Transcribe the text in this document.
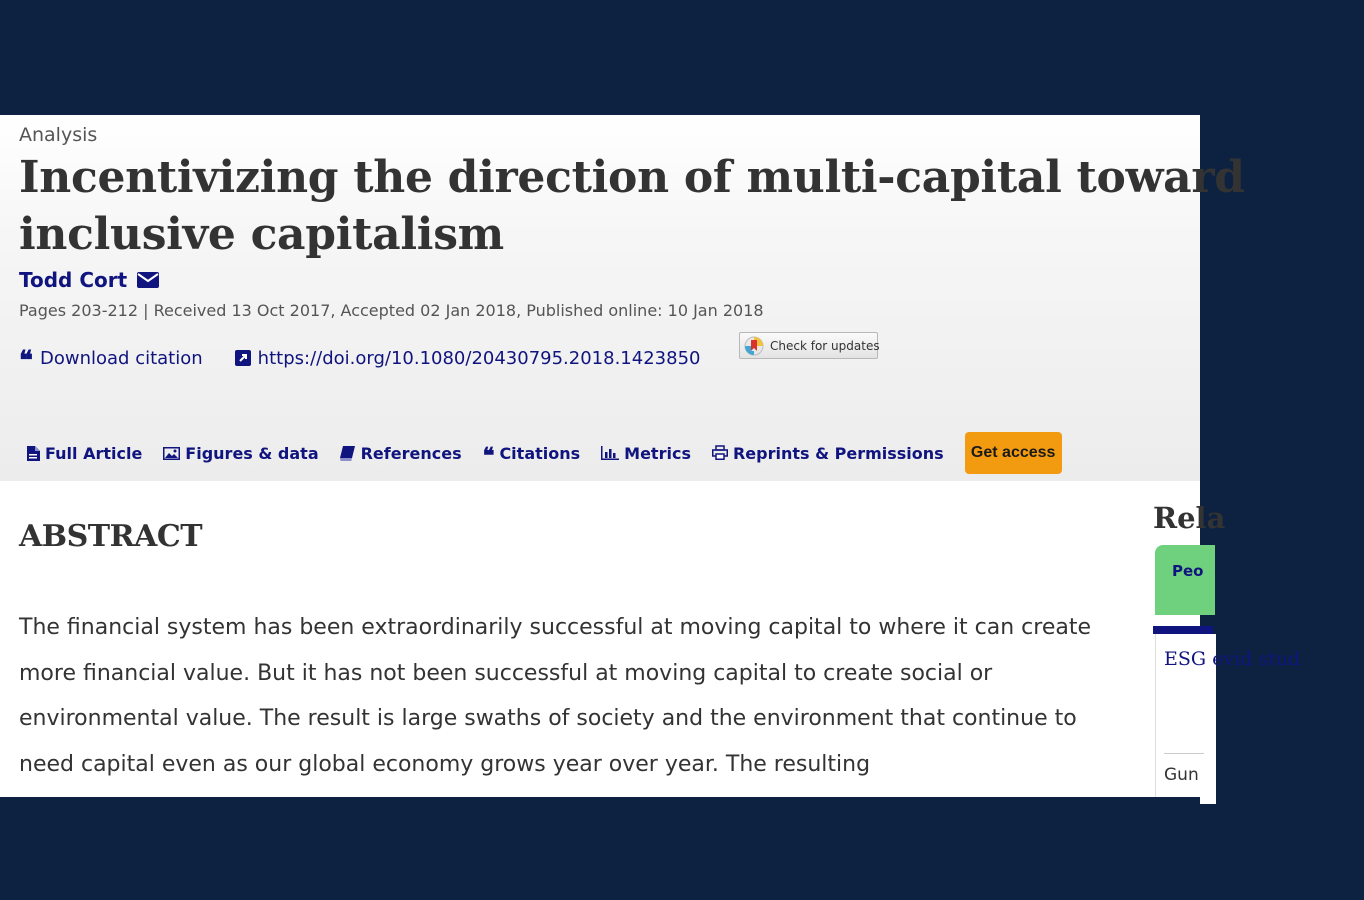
Analysis
Incentivizing the direction of multi-capital toward inclusive capitalism
Todd Cort
Pages 203-212 | Received 13 Oct 2017, Accepted 02 Jan 2018, Published online: 10 Jan 2018
❝ Download citation	https://doi.org/10.1080/20430795.2018.1423850
Check for updates
Full Article	Figures & data	References ❝ Citations	Metrics	Reprints & Permissions	Get access
ABSTRACT

The financial system has been extraordinarily successful at moving capital to where it can create more financial value. But it has not been successful at moving capital to create social or environmental value. The result is large swaths of society and the environment that continue to need capital even as our global economy grows year over year. The resulting

Rela
Peo

ESG evid stud

Gun
